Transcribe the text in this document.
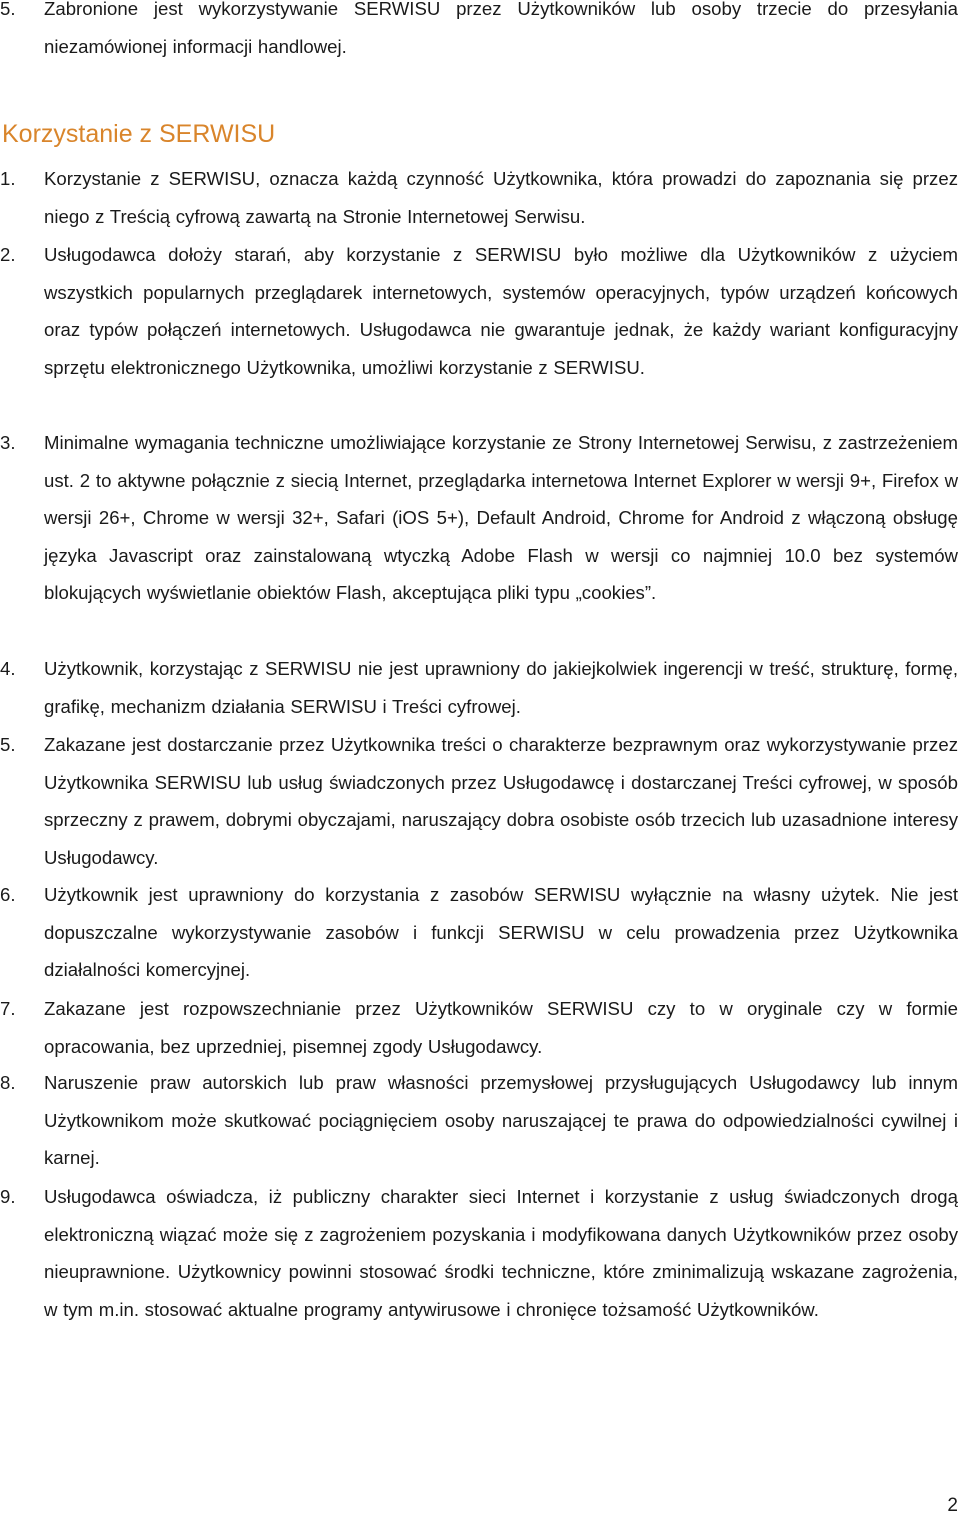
5.	Zabronione jest wykorzystywanie SERWISU przez Użytkowników lub osoby trzecie do przesyłania niezamówionej informacji handlowej.
Korzystanie z SERWISU
1.	Korzystanie z SERWISU, oznacza każdą czynność Użytkownika, która prowadzi do zapoznania się przez niego z Treścią cyfrową zawartą na Stronie Internetowej Serwisu.
2.	Usługodawca dołoży starań, aby korzystanie z SERWISU było możliwe dla Użytkowników z użyciem wszystkich popularnych przeglądarek internetowych, systemów operacyjnych, typów urządzeń końcowych oraz typów połączeń internetowych. Usługodawca nie gwarantuje jednak, że każdy wariant konfiguracyjny sprzętu elektronicznego Użytkownika, umożliwi korzystanie z SERWISU.
3.	Minimalne wymagania techniczne umożliwiające korzystanie ze Strony Internetowej Serwisu, z zastrzeżeniem ust. 2 to aktywne połącznie z siecią Internet, przeglądarka internetowa Internet Explorer w wersji 9+, Firefox w wersji 26+, Chrome w wersji 32+, Safari (iOS 5+), Default Android, Chrome for Android z włączoną obsługę języka Javascript oraz zainstalowaną wtyczką Adobe Flash w wersji co najmniej 10.0 bez systemów blokujących wyświetlanie obiektów Flash, akceptująca pliki typu „cookies”.
4.	Użytkownik, korzystając z SERWISU nie jest uprawniony do jakiejkolwiek ingerencji w treść, strukturę, formę, grafikę, mechanizm działania SERWISU i Treści cyfrowej.
5.	Zakazane jest dostarczanie przez Użytkownika treści o charakterze bezprawnym oraz wykorzystywanie przez Użytkownika SERWISU lub usług świadczonych przez Usługodawcę i dostarczanej Treści cyfrowej, w sposób sprzeczny z prawem, dobrymi obyczajami, naruszający dobra osobiste osób trzecich lub uzasadnione interesy Usługodawcy.
6.	Użytkownik jest uprawniony do korzystania z zasobów SERWISU wyłącznie na własny użytek. Nie jest dopuszczalne wykorzystywanie zasobów i funkcji SERWISU w celu prowadzenia przez Użytkownika działalności komercyjnej.
7.	Zakazane jest rozpowszechnianie przez Użytkowników SERWISU czy to w oryginale czy w formie opracowania, bez uprzedniej, pisemnej zgody Usługodawcy.
8.	Naruszenie praw autorskich lub praw własności przemysłowej przysługujących Usługodawcy lub innym Użytkownikom może skutkować pociągnięciem osoby naruszającej te prawa do odpowiedzialności cywilnej i karnej.
9.	Usługodawca oświadcza, iż publiczny charakter sieci Internet i korzystanie z usług świadczonych drogą elektroniczną wiązać może się z zagrożeniem pozyskania i modyfikowana danych Użytkowników przez osoby nieuprawnione. Użytkownicy powinni stosować środki techniczne, które zminimalizują wskazane zagrożenia, w tym m.in. stosować aktualne programy antywirusowe i chronięce tożsamość Użytkowników.
2
